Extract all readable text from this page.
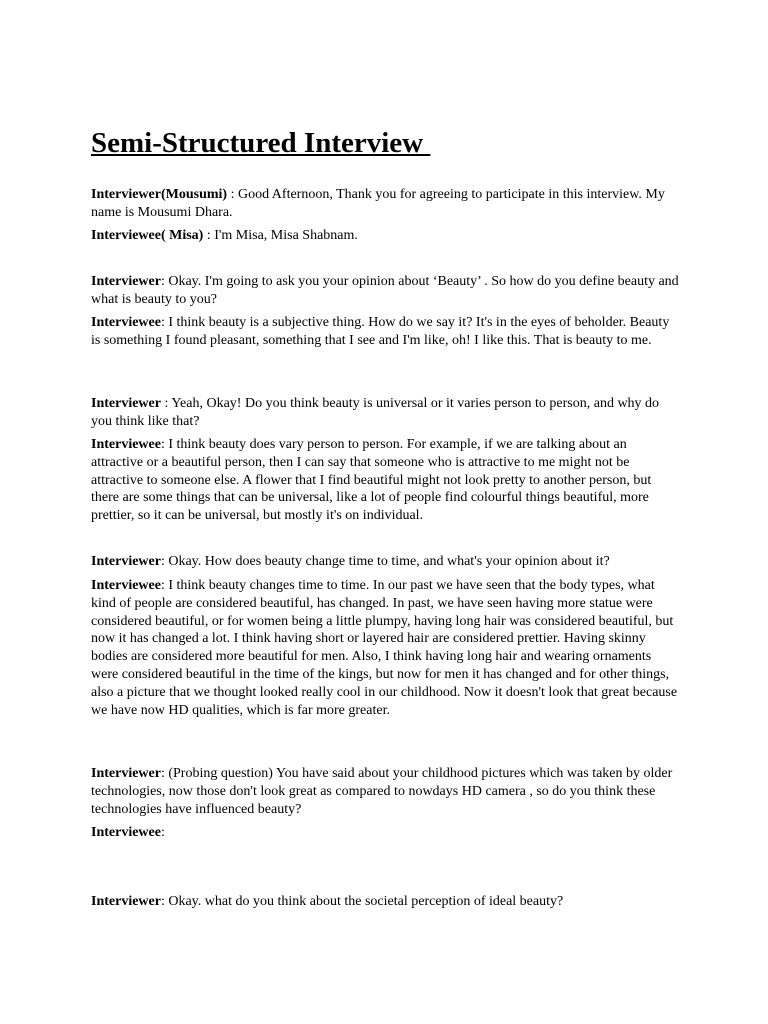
Semi-Structured Interview

Interviewer(Mousumi) : Good Afternoon, Thank you for agreeing to participate in this interview. My name is Mousumi Dhara.

Interviewee( Misa) : I'm Misa, Misa Shabnam.

Interviewer: Okay. I'm going to ask you your opinion about ‘Beauty’ . So how do you define beauty and what is beauty to you?

Interviewee: I think beauty is a subjective thing. How do we say it? It's in the eyes of beholder. Beauty is something I found pleasant, something that I see and I'm like, oh! I like this. That is beauty to me.

Interviewer : Yeah, Okay! Do you think beauty is universal or it varies person to person, and why do you think like that?

Interviewee: I think beauty does vary person to person. For example, if we are talking about an attractive or a beautiful person, then I can say that someone who is attractive to me might not be attractive to someone else. A flower that I find beautiful might not look pretty to another person, but there are some things that can be universal, like a lot of people find colourful things beautiful, more prettier, so it can be universal, but mostly it's on individual.

Interviewer: Okay. How does beauty change time to time, and what's your opinion about it?

Interviewee: I think beauty changes time to time. In our past we have seen that the body types, what kind of people are considered beautiful, has changed. In past, we have seen having more statue were considered beautiful, or for women being a little plumpy, having long hair was considered beautiful, but now it has changed a lot. I think having short or layered hair are considered prettier. Having skinny bodies are considered more beautiful for men. Also, I think having long hair and wearing ornaments were considered beautiful in the time of the kings, but now for men it has changed and for other things, also a picture that we thought looked really cool in our childhood. Now it doesn't look that great because we have now HD qualities, which is far more greater.

Interviewer: (Probing question) You have said about your childhood pictures which was taken by older technologies, now those don't look great as compared to nowdays HD camera , so do you think these technologies have influenced beauty?

Interviewee:

Interviewer: Okay. what do you think about the societal perception of ideal beauty?
